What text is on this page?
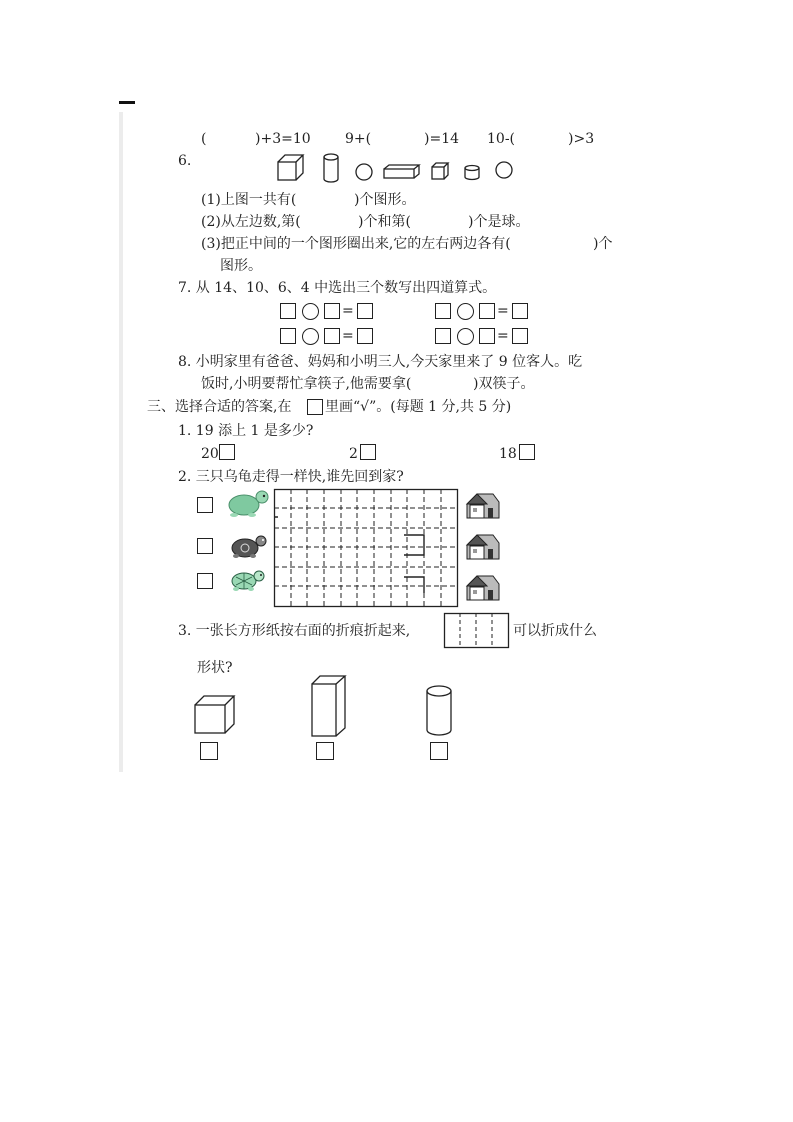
(	)+3=10 9+(	)=14 10-(	)>3
6.
(1)上图一共有(	)个图形。
(2)从左边数,第(	)个和第(	)个是球。
(3)把正中间的一个图形圈出来,它的左右两边各有(	)个
图形。
7. 从 14、10、6、4 中选出三个数写出四道算式。
=	=
=	=
8. 小明家里有爸爸、妈妈和小明三人,今天家里来了 9 位客人。吃
饭时,小明要帮忙拿筷子,他需要拿(	)双筷子。
三、选择合适的答案,在 里画“√”。(每题 1 分,共 5 分)
1. 19 添上 1 是多少?
20	2	18
2. 三只乌龟走得一样快,谁先回到家?
3. 一张长方形纸按右面的折痕折起来,	可以折成什么
形状?
